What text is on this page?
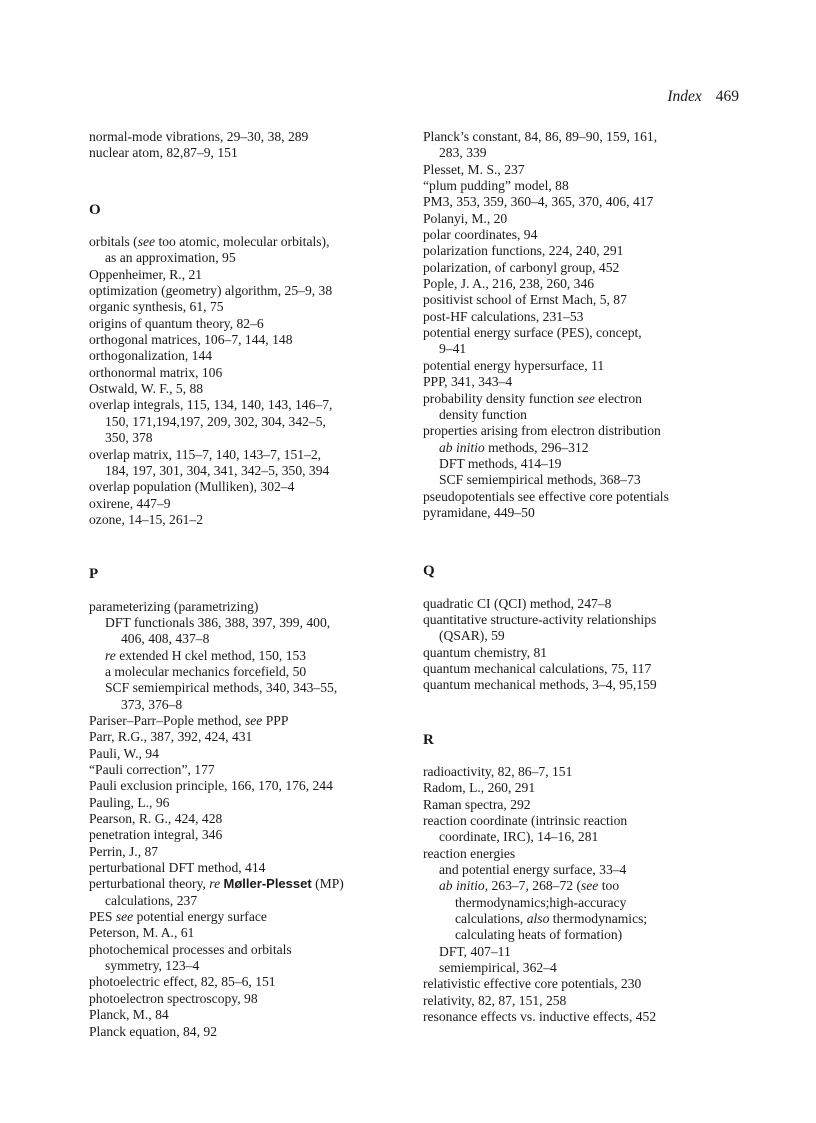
Index 469
normal-mode vibrations, 29–30, 38, 289
nuclear atom, 82,87–9, 151
O
orbitals (see too atomic, molecular orbitals),
as an approximation, 95
Oppenheimer, R., 21
optimization (geometry) algorithm, 25–9, 38
organic synthesis, 61, 75
origins of quantum theory, 82–6
orthogonal matrices, 106–7, 144, 148
orthogonalization, 144
orthonormal matrix, 106
Ostwald, W. F., 5, 88
overlap integrals, 115, 134, 140, 143, 146–7,
150, 171,194,197, 209, 302, 304, 342–5,
350, 378
overlap matrix, 115–7, 140, 143–7, 151–2,
184, 197, 301, 304, 341, 342–5, 350, 394
overlap population (Mulliken), 302–4
oxirene, 447–9
ozone, 14–15, 261–2
P
parameterizing (parametrizing)
DFT functionals 386, 388, 397, 399, 400,
406, 408, 437–8
re extended H ckel method, 150, 153
a molecular mechanics forcefield, 50
SCF semiempirical methods, 340, 343–55,
373, 376–8
Pariser–Parr–Pople method, see PPP
Parr, R.G., 387, 392, 424, 431
Pauli, W., 94
“Pauli correction”, 177
Pauli exclusion principle, 166, 170, 176, 244
Pauling, L., 96
Pearson, R. G., 424, 428
penetration integral, 346
Perrin, J., 87
perturbational DFT method, 414
perturbational theory, re Møller-Plesset (MP)
calculations, 237
PES see potential energy surface
Peterson, M. A., 61
photochemical processes and orbitals
symmetry, 123–4
photoelectric effect, 82, 85–6, 151
photoelectron spectroscopy, 98
Planck, M., 84
Planck equation, 84, 92
Planck’s constant, 84, 86, 89–90, 159, 161,
283, 339
Plesset, M. S., 237
“plum pudding” model, 88
PM3, 353, 359, 360–4, 365, 370, 406, 417
Polanyi, M., 20
polar coordinates, 94
polarization functions, 224, 240, 291
polarization, of carbonyl group, 452
Pople, J. A., 216, 238, 260, 346
positivist school of Ernst Mach, 5, 87
post-HF calculations, 231–53
potential energy surface (PES), concept,
9–41
potential energy hypersurface, 11
PPP, 341, 343–4
probability density function see electron
density function
properties arising from electron distribution
ab initio methods, 296–312
DFT methods, 414–19
SCF semiempirical methods, 368–73
pseudopotentials see effective core potentials
pyramidane, 449–50
Q
quadratic CI (QCI) method, 247–8
quantitative structure-activity relationships
(QSAR), 59
quantum chemistry, 81
quantum mechanical calculations, 75, 117
quantum mechanical methods, 3–4, 95,159
R
radioactivity, 82, 86–7, 151
Radom, L., 260, 291
Raman spectra, 292
reaction coordinate (intrinsic reaction
coordinate, IRC), 14–16, 281
reaction energies
and potential energy surface, 33–4
ab initio, 263–7, 268–72 (see too
thermodynamics;high-accuracy
calculations, also thermodynamics;
calculating heats of formation)
DFT, 407–11
semiempirical, 362–4
relativistic effective core potentials, 230
relativity, 82, 87, 151, 258
resonance effects vs. inductive effects, 452
